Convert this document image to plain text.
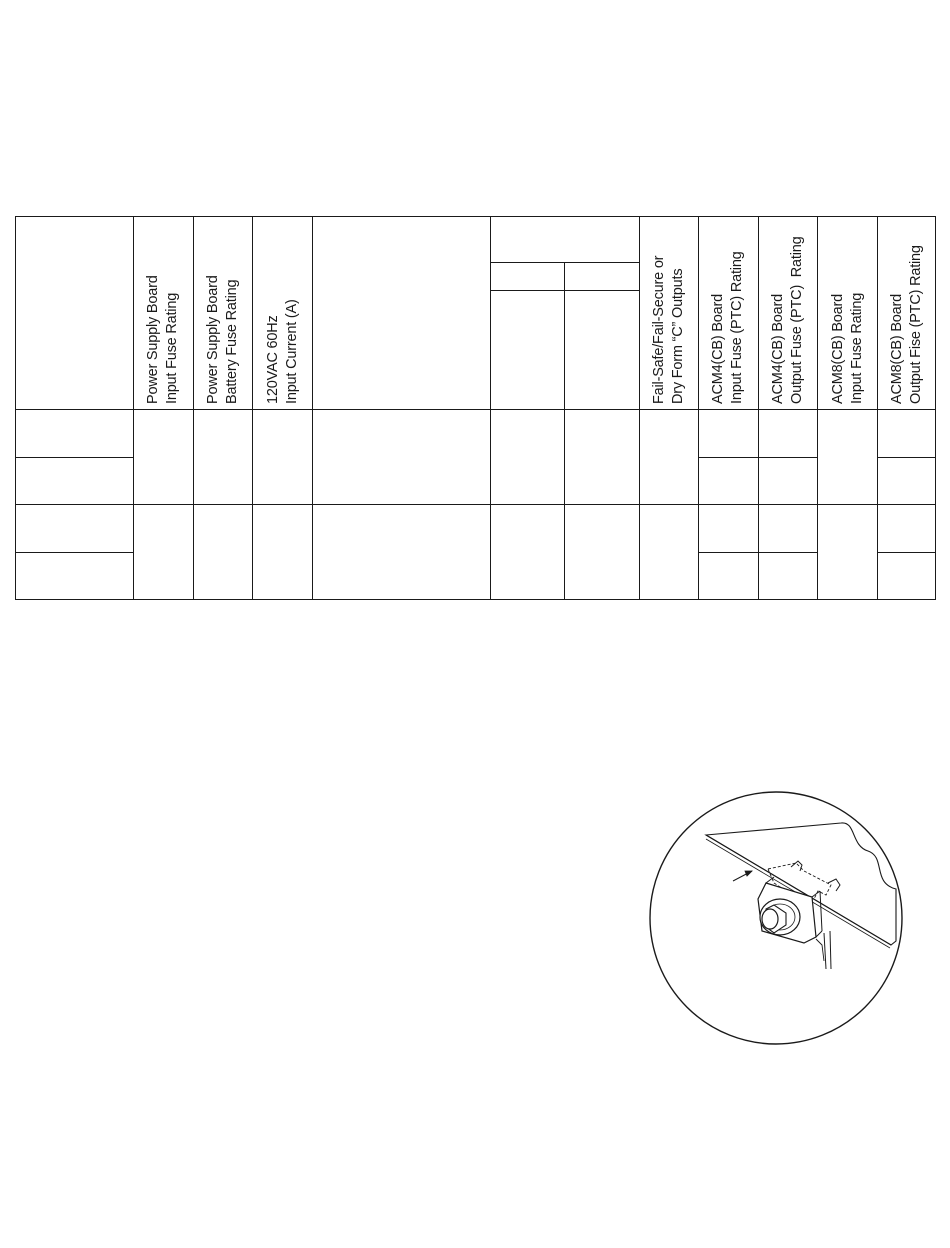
Power Supply Board Input Fuse Rating Power Supply Board Battery Fuse Rating 120VAC 60Hz Input Current (A)	Fail-Safe/Fail-Secure or Dry Form “C” Outputs ACM4(CB) Board Input Fuse (PTC) Rating ACM4(CB) Board Output Fuse (PTC)  Rating ACM8(CB) Board Input Fuse Rating ACM8(CB) Board Output Fise (PTC) Rating
